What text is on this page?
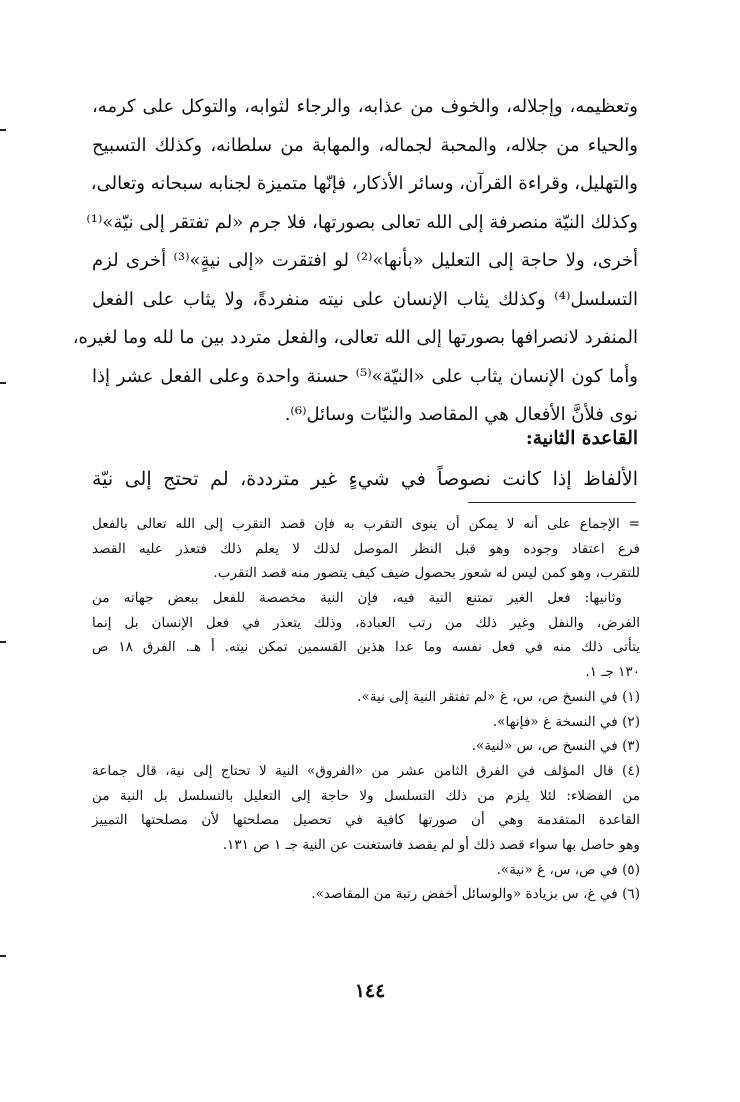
وتعظيمه، وإجلاله، والخوف من عذابه، والرجاء لثوابه، والتوكل على كرمه،
والحياء من جلاله، والمحبة لجماله، والمهابة من سلطانه، وكذلك التسبيح
والتهليل، وقراءة القرآن، وسائر الأذكار، فإنّها متميزة لجنابه سبحانه وتعالى،
وكذلك النيّة منصرفة إلى الله تعالى بصورتها، فلا جرم «لم تفتقر إلى نيّة»⁽¹⁾
أخرى، ولا حاجة إلى التعليل «بأنها»⁽²⁾ لو افتقرت «إلى نيةٍ»⁽³⁾ أخرى لزم
التسلسل⁽⁴⁾ وكذلك يثاب الإنسان على نيته منفردةً، ولا يثاب على الفعل
المنفرد لانصرافها بصورتها إلى الله تعالى، والفعل متردد بين ما لله وما لغيره،
وأما كون الإنسان يثاب على «النيّة»⁽⁵⁾ حسنة واحدة وعلى الفعل عشر إذا
نوى فلأنَّ الأفعال هي المقاصد والنيّات وسائل⁽⁶⁾.
القاعدة الثانية:
الألفاظ إذا كانت نصوصاً في شيءٍ غير مترددة، لم تحتج إلى نيّة
= الإجماع على أنه لا يمكن أن ينوى التقرب به فإن قصد التقرب إلى الله تعالى بالفعل
فرع اعتقاد وجوده وهو قبل النظر الموصل لذلك لا يعلم ذلك فتعذر عليه القصد
للتقرب، وهو كمن ليس له شعور بحصول ضيف كيف يتصور منه قصد التقرب.
وثانيها: فعل الغير تمتنع النية فيه، فإن النية مخصصة للفعل ببعض جهاته من
الفرض، والنفل وغير ذلك من رتب العبادة، وذلك يتعذر في فعل الإنسان بل إنما
يتأتى ذلك منه في فعل نفسه وما عدا هذين القسمين تمكن نيته. أ هـ. الفرق ١٨ ص
١٣٠ جـ ١.
(١) في النسخ ص، س، غ «لم تفتقر النية إلى نية».
(٢) في النسخة غ «فإنها».
(٣) في النسخ ص، س «لنية».
(٤) قال المؤلف في الفرق الثامن عشر من «الفروق» النية لا تحتاج إلى نية، قال جماعة
من الفضلاء: لئلا يلزم من ذلك التسلسل ولا حاجة إلى التعليل بالتسلسل بل النية من
القاعدة المتقدمة وهي أن صورتها كافية في تحصيل مصلحتها لأن مصلحتها التمييز
وهو حاصل بها سواء قصد ذلك أو لم يقصد فاستغنت عن النية جـ ١ ص ١٣١.
(٥) في ص، س، غ «نية».
(٦) في غ، س بزيادة «والوسائل أخفض رتبة من المقاصد».
١٤٤
